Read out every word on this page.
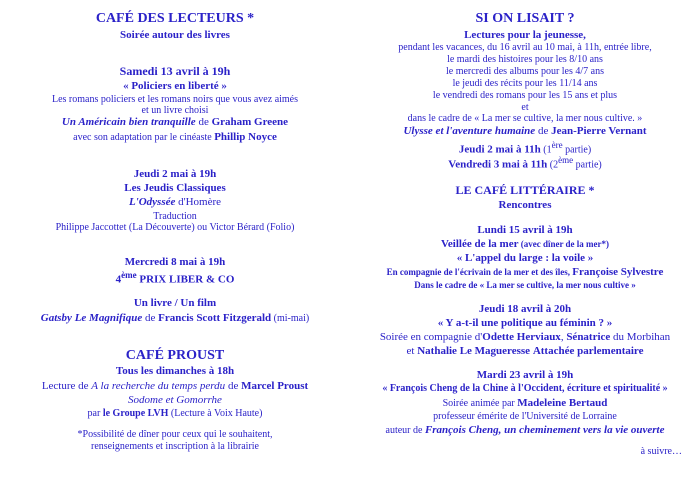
CAFÉ DES LECTEURS *
Soirée autour des livres
Samedi 13 avril à 19h
« Policiers en liberté »
Les romans policiers et les romans noirs que vous avez aimés
et un livre choisi
Un Américain bien tranquille de Graham Greene
avec son adaptation par le cinéaste Phillip Noyce
Jeudi 2 mai à 19h
Les Jeudis Classiques
L'Odyssée d'Homère
Traduction
Philippe Jaccottet (La Découverte) ou Victor Bérard (Folio)
Mercredi 8 mai à 19h
4ème PRIX LIBER & CO
Un livre / Un film
Gatsby Le Magnifique de Francis Scott Fitzgerald (mi-mai)
CAFÉ PROUST
Tous les dimanches à 18h
Lecture de A la recherche du temps perdu de Marcel Proust
Sodome et Gomorrhe
par le Groupe LVH (Lecture à Voix Haute)
*Possibilité de dîner pour ceux qui le souhaitent,
renseignements et inscription à la librairie
SI ON LISAIT ?
Lectures pour la jeunesse,
pendant les vacances, du 16 avril au 10 mai, à 11h, entrée libre,
le mardi des histoires pour les 8/10 ans
le mercredi des albums pour les 4/7 ans
le jeudi des récits pour les 11/14 ans
le vendredi des romans pour les 15 ans et plus
et
dans le cadre de « La mer se cultive, la mer nous cultive. »
Ulysse et l'aventure humaine de Jean-Pierre Vernant
Jeudi 2 mai à 11h (1ère partie)
Vendredi 3 mai à 11h (2ème partie)
LE CAFÉ LITTÉRAIRE *
Rencontres
Lundi 15 avril à 19h
Veillée de la mer (avec dîner de la mer*)
« L'appel du large : la voile »
En compagnie de l'écrivain de la mer et des îles, Françoise Sylvestre
Dans le cadre de « La mer se cultive, la mer nous cultive »
Jeudi 18 avril à 20h
« Y a-t-il une politique au féminin ? »
Soirée en compagnie d'Odette Herviaux, Sénatrice du Morbihan
et Nathalie Le Magueresse Attachée parlementaire
Mardi 23 avril à 19h
« François Cheng de la Chine à l'Occident, écriture et spiritualité »
Soirée animée par Madeleine Bertaud
professeur émérite de l'Université de Lorraine
auteur de François Cheng, un cheminement vers la vie ouverte
à suivre…
